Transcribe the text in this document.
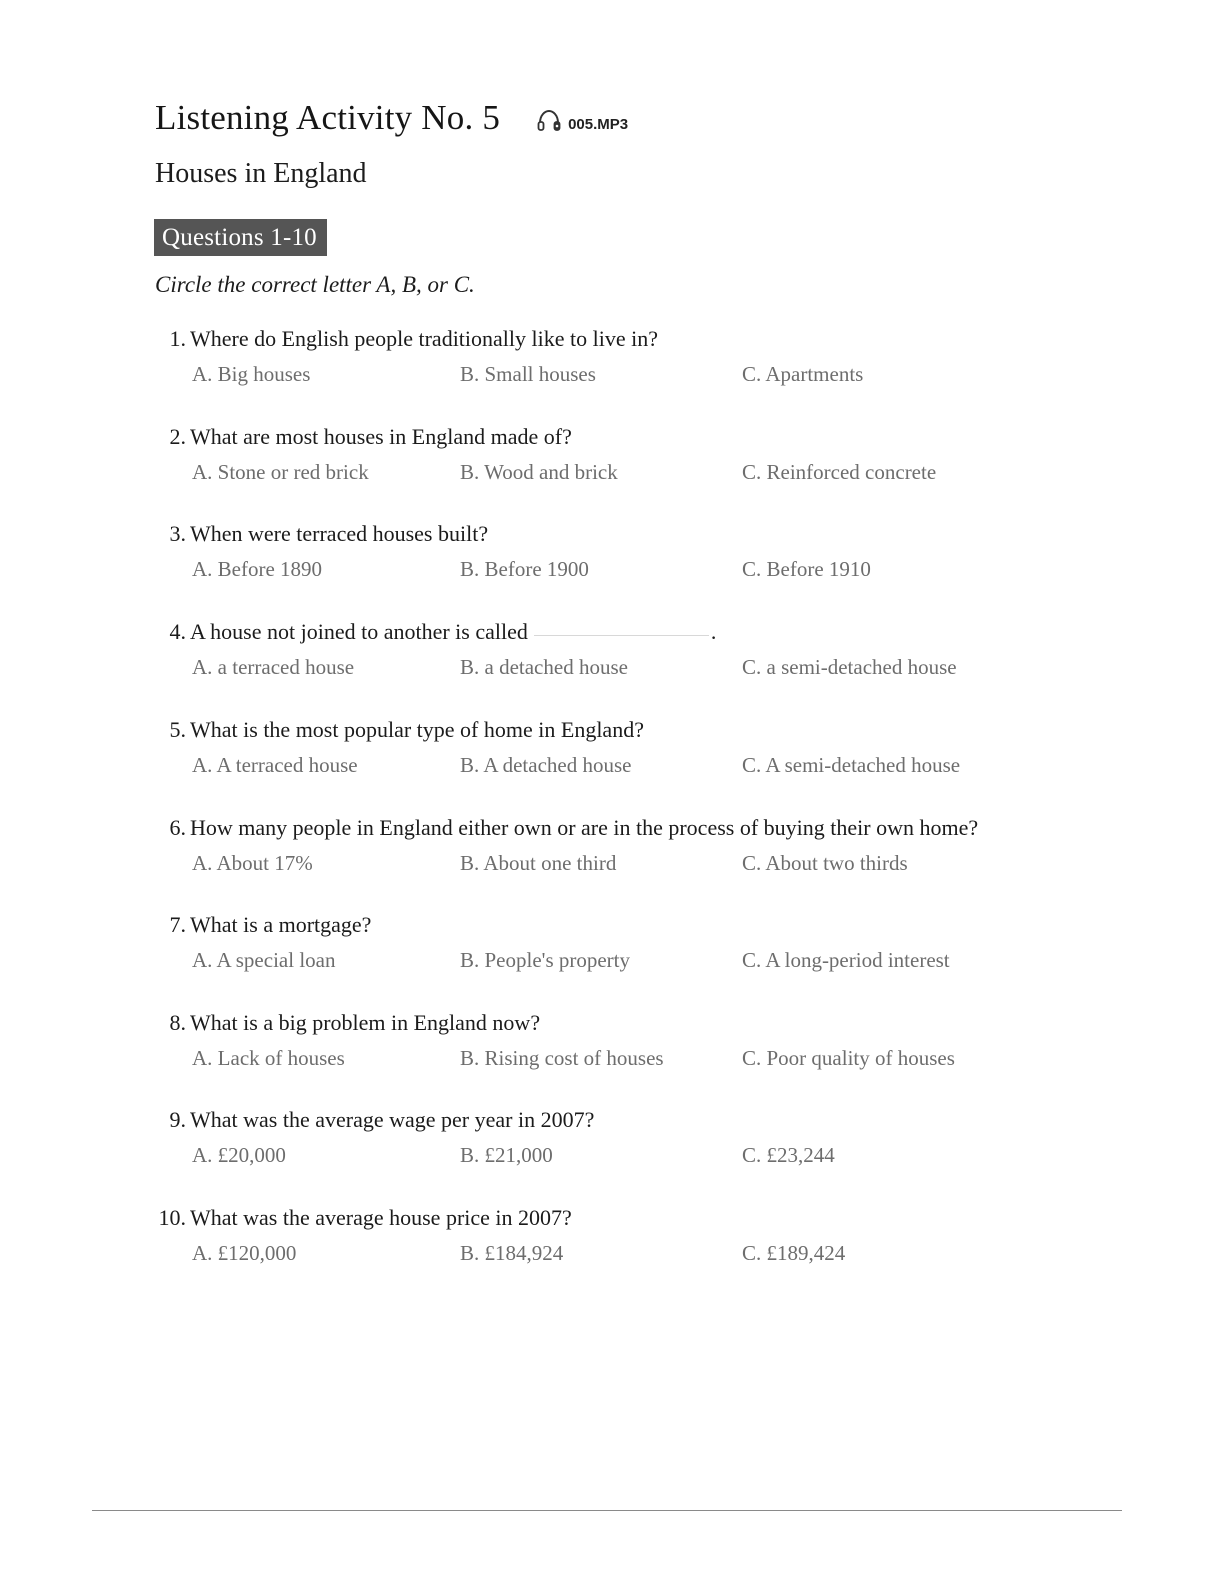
Listening Activity No. 5	005.MP3
Houses in England
Questions 1-10
Circle the correct letter A, B, or C.
1. Where do English people traditionally like to live in?
A. Big houses	B. Small houses	C. Apartments
2. What are most houses in England made of?
A. Stone or red brick	B. Wood and brick	C. Reinforced concrete
3. When were terraced houses built?
A. Before 1890	B. Before 1900	C. Before 1910
4. A house not joined to another is called	.
A. a terraced house	B. a detached house	C. a semi-detached house
5. What is the most popular type of home in England?
A. A terraced house	B. A detached house	C. A semi-detached house
6. How many people in England either own or are in the process of buying their own home?
A. About 17%	B. About one third	C. About two thirds
7. What is a mortgage?
A. A special loan	B. People's property	C. A long-period interest
8. What is a big problem in England now?
A. Lack of houses	B. Rising cost of houses	C. Poor quality of houses
9. What was the average wage per year in 2007?
A. £20,000	B. £21,000	C. £23,244
10. What was the average house price in 2007?
A. £120,000	B. £184,924	C. £189,424
